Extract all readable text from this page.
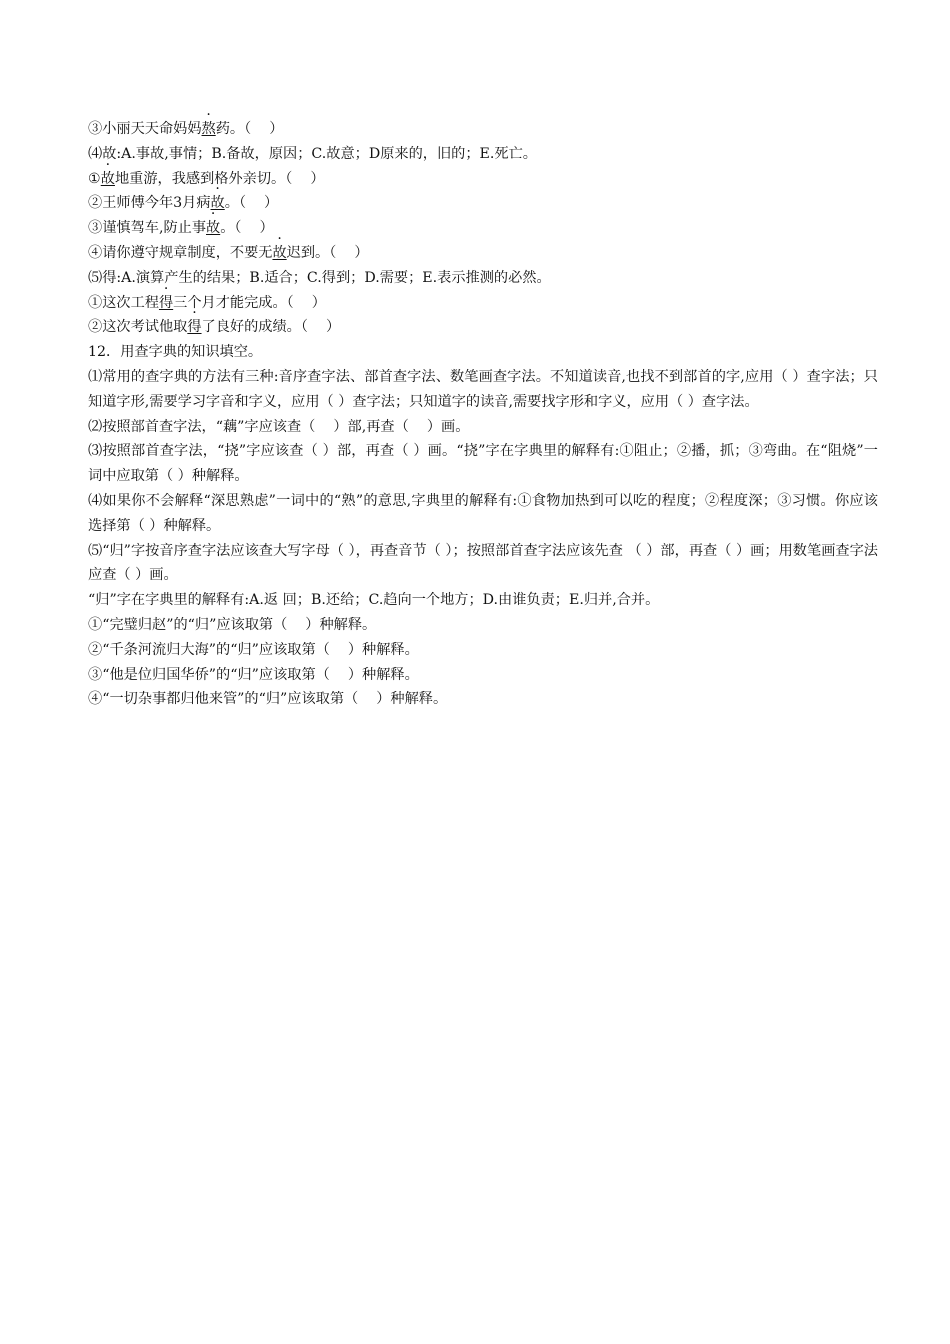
③小丽天天命妈妈熬药。（    ）
⑷故:A.事故,事情；B.备故，原因；C.故意；D原来的，旧的；E.死亡。
①故地重游，我感到格外亲切。（    ）
②王师傅今年3月病故。（    ）
③谨慎驾车,防止事故。（    ）
④请你遵守规章制度，不要无故迟到。（    ）
⑸得:A.演算产生的结果；B.适合；C.得到；D.需要；E.表示推测的必然。
①这次工程得三个月才能完成。（    ）
②这次考试他取得了良好的成绩。（    ）
12．用查字典的知识填空。
⑴常用的查字典的方法有三种:音序查字法、部首查字法、数笔画查字法。不知道读音,也找不到部首的字,应用（ ）查字法；只知道字形,需要学习字音和字义，应用（ ）查字法；只知道字的读音,需要找字形和字义，应用（ ）查字法。
⑵按照部首查字法，“藕”字应该查（    ）部,再查（    ）画。
⑶按照部首查字法，“挠”字应该查（ ）部，再查（ ）画。“挠”字在字典里的解释有:①阻止；②播，抓；③弯曲。在“阻烧”一词中应取第（ ）种解释。
⑷如果你不会解释“深思熟虑”一词中的“熟”的意思,字典里的解释有:①食物加热到可以吃的程度；②程度深；③习惯。你应该选择第（ ）种解释。
⑸“归”字按音序查字法应该查大写字母（ ），再查音节（ ）；按照部首查字法应该先查 （ ）部，再查（ ）画；用数笔画查字法应查（ ）画。
“归”字在字典里的解释有:A.返 回；B.还给；C.趋向一个地方；D.由谁负责；E.归并,合并。
①“完璧归赵”的“归”应该取第（    ）种解释。
②“千条河流归大海”的“归”应该取第（    ）种解释。
③“他是位归国华侨”的“归”应该取第（    ）种解释。
④“一切杂事都归他来管”的“归”应该取第（    ）种解释。
